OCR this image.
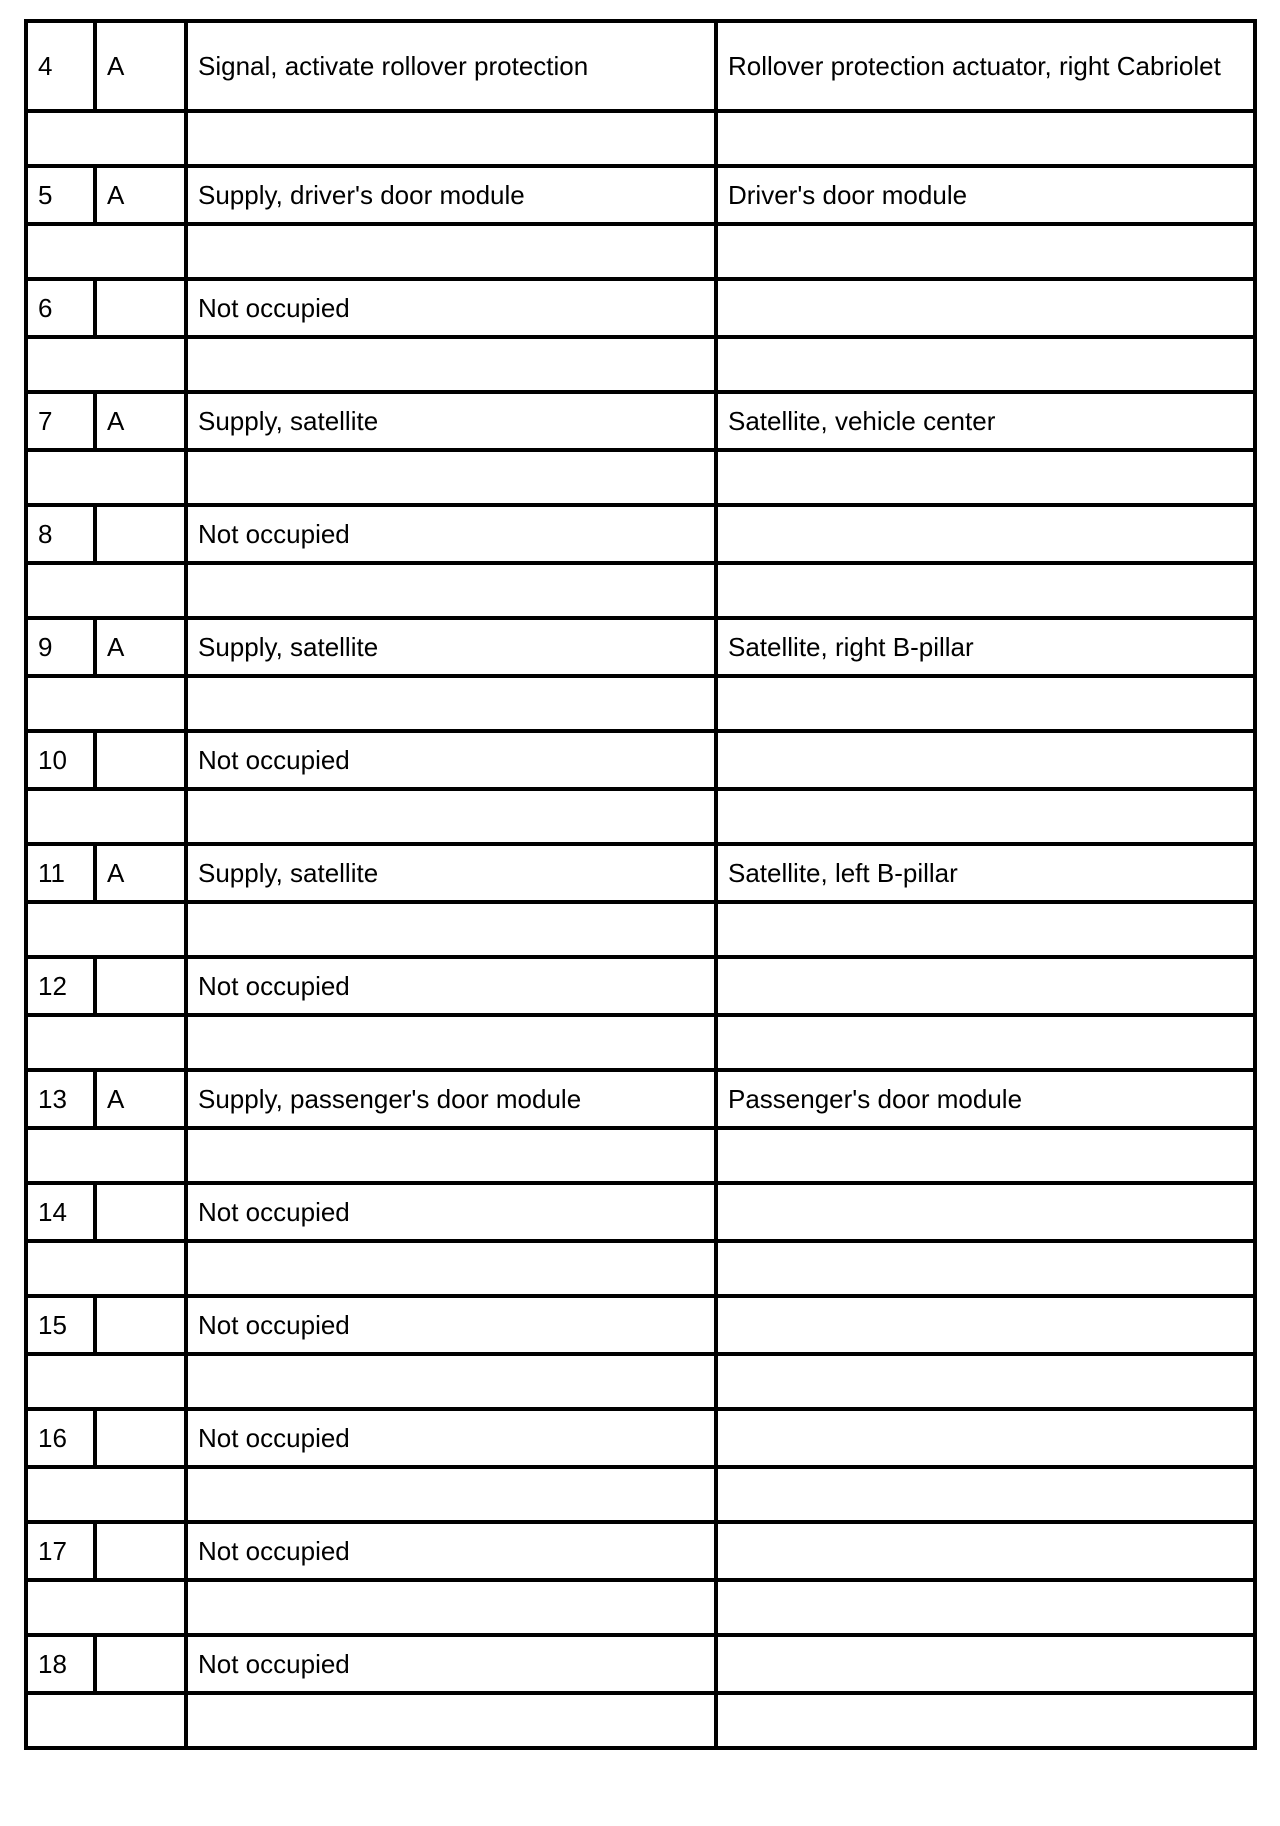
4	A	Signal, activate rollover protection	Rollover protection actuator, right Cabriolet

5	A	Supply, driver's door module	Driver's door module

6		Not occupied	

7	A	Supply, satellite	Satellite, vehicle center

8		Not occupied	

9	A	Supply, satellite	Satellite, right B-pillar

10		Not occupied	

11	A	Supply, satellite	Satellite, left B-pillar

12		Not occupied	

13	A	Supply, passenger's door module	Passenger's door module

14		Not occupied	

15		Not occupied	

16		Not occupied	

17		Not occupied	

18		Not occupied	
